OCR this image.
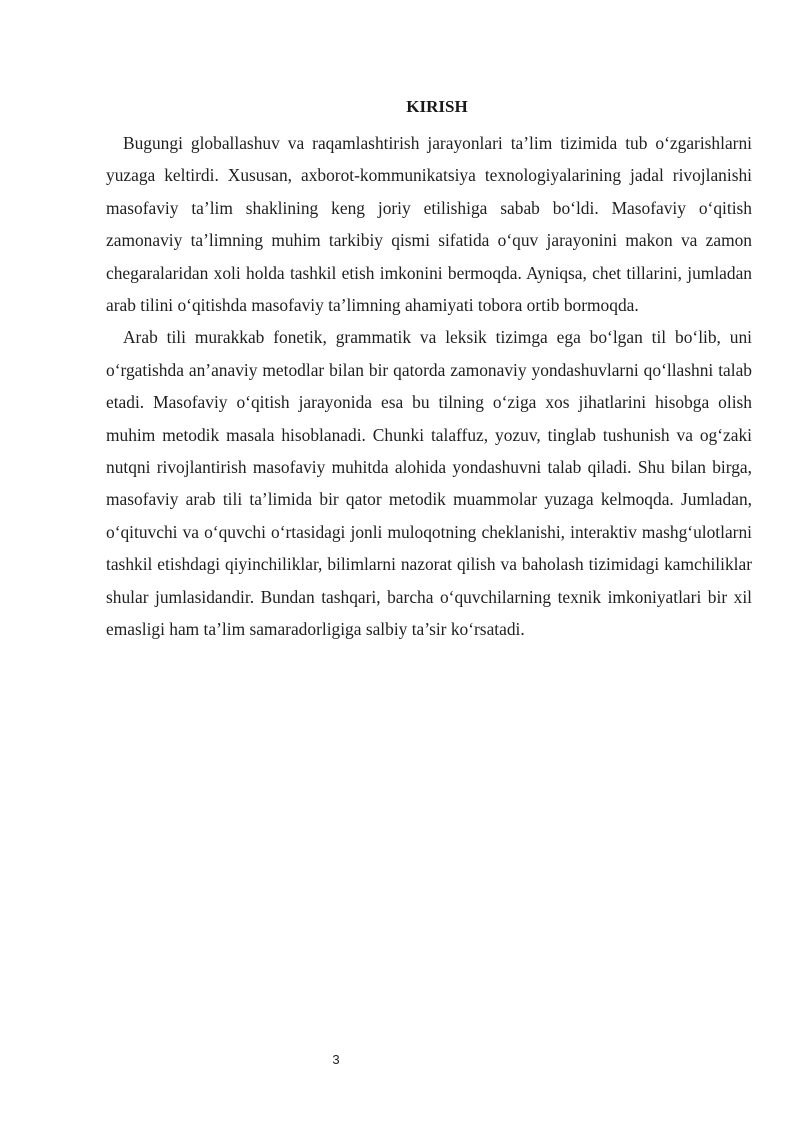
KIRISH

Bugungi globallashuv va raqamlashtirish jarayonlari ta’lim tizimida tub o‘zgarishlarni yuzaga keltirdi. Xususan, axborot-kommunikatsiya texnologiyalarining jadal rivojlanishi masofaviy ta’lim shaklining keng joriy etilishiga sabab bo‘ldi. Masofaviy o‘qitish zamonaviy ta’limning muhim tarkibiy qismi sifatida o‘quv jarayonini makon va zamon chegaralaridan xoli holda tashkil etish imkonini bermoqda. Ayniqsa, chet tillarini, jumladan arab tilini o‘qitishda masofaviy ta’limning ahamiyati tobora ortib bormoqda.

Arab tili murakkab fonetik, grammatik va leksik tizimga ega bo‘lgan til bo‘lib, uni o‘rgatishda an’anaviy metodlar bilan bir qatorda zamonaviy yondashuvlarni qo‘llashni talab etadi. Masofaviy o‘qitish jarayonida esa bu tilning o‘ziga xos jihatlarini hisobga olish muhim metodik masala hisoblanadi. Chunki talaffuz, yozuv, tinglab tushunish va og‘zaki nutqni rivojlantirish masofaviy muhitda alohida yondashuvni talab qiladi. Shu bilan birga, masofaviy arab tili ta’limida bir qator metodik muammolar yuzaga kelmoqda. Jumladan, o‘qituvchi va o‘quvchi o‘rtasidagi jonli muloqotning cheklanishi, interaktiv mashg‘ulotlarni tashkil etishdagi qiyinchiliklar, bilimlarni nazorat qilish va baholash tizimidagi kamchiliklar shular jumlasidandir. Bundan tashqari, barcha o‘quvchilarning texnik imkoniyatlari bir xil emasligi ham ta’lim samaradorligiga salbiy ta’sir ko‘rsatadi.

3
